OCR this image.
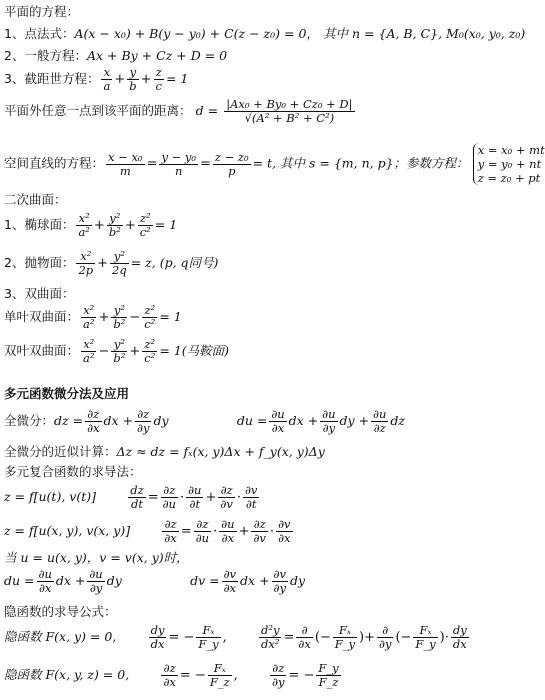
平面的方程：
1、点法式：A(x − x₀) + B(y − y₀) + C(z − z₀) = 0， 其中 n = {A, B, C}, M₀(x₀, y₀, z₀)
2、一般方程：Ax + By + Cz + D = 0
3、截距世方程： $\frac{x}{a} + \frac{y}{b} + \frac{z}{c} = 1$
平面外任意一点到该平面的距离： $d = \frac{\text{|Ax₀ + By₀ + Cz₀ + D|}}{\text{√(A² + B² + C²)}}$
空间直线的方程： $\frac{\text{x − x₀}}{m} = \frac{\text{y − y₀}}{n} = \frac{\text{z − z₀}}{p} = t$, 其中 s = {m, n, p}；参数方程：
x = x₀ + mt
y = y₀ + nt
z = z₀ + pt
二次曲面：
1、椭球面： $\frac{\text{x²}}{\text{a²}} + \frac{\text{y²}}{\text{b²}} + \frac{\text{z²}}{\text{c²}} = 1$
2、抛物面： $\frac{\text{x²}}{2p} + \frac{\text{y²}}{2q} = z$, (p, q同号)
3、双曲面：
单叶双曲面： $\frac{\text{x²}}{\text{a²}} + \frac{\text{y²}}{\text{b²}} - \frac{\text{z²}}{\text{c²}} = 1$
双叶双曲面： $\frac{\text{x²}}{\text{a²}} - \frac{\text{y²}}{\text{b²}} + \frac{\text{z²}}{\text{c²}} = 1$(马鞍面)
多元函数微分法及应用
全微分：dz = $\frac{\partial z}{\partial x}$ dx + $\frac{\partial z}{\partial y}$ dy	du = $\frac{\partial u}{\partial x}$ dx + $\frac{\partial u}{\partial y}$ dy + $\frac{\partial u}{\partial z}$ dz
全微分的近似计算：Δz ≈ dz = fₓ(x, y)Δx + f_y(x, y)Δy
多元复合函数的求导法：
z = f[u(t), v(t)]	$\frac{dz}{dt} = \frac{\partial z}{\partial u} \cdot \frac{\partial u}{\partial t} + \frac{\partial z}{\partial v} \cdot \frac{\partial v}{\partial t}$
z = f[u(x, y), v(x, y)]	$\frac{\partial z}{\partial x} = \frac{\partial z}{\partial u} \cdot \frac{\partial u}{\partial x} + \frac{\partial z}{\partial v} \cdot \frac{\partial v}{\partial x}$
当 u = u(x, y)，v = v(x, y)时，
du = $\frac{\partial u}{\partial x}$ dx + $\frac{\partial u}{\partial y}$ dy	dv = $\frac{\partial v}{\partial x}$ dx + $\frac{\partial v}{\partial y}$ dy
隐函数的求导公式：
隐函数 F(x, y) = 0,	$\frac{dy}{dx}$ = − $\frac{\text{Fₓ}}{F\_y}$ , $\frac{\text{d²y}}{\text{dx²}} = \frac{\partial}{\partial x}$ (− $\frac{\text{Fₓ}}{F\_y}$ )+ $\frac{\partial}{\partial y}$ (− $\frac{\text{Fₓ}}{F\_y}$ )· $\frac{dy}{dx}$
隐函数 F(x, y, z) = 0,	$\frac{\partial z}{\partial x}$ = − $\frac{\text{Fₓ}}{F\_z}$ , $\frac{\partial z}{\partial y}$ = − $\frac{F\_y}{F\_z}$
